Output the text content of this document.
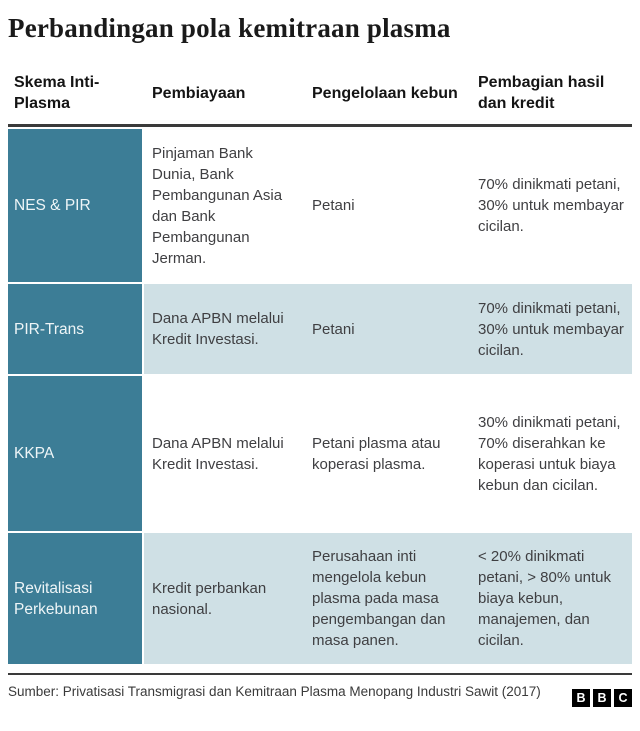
Perbandingan pola kemitraan plasma
Skema Inti-Plasma
Pembiayaan	Pengelolaan kebun
Pembagian hasil dan kredit
NES & PIR
Pinjaman Bank Dunia, Bank Pembangunan Asia dan Bank Pembangunan Jerman.
Petani
70% dinikmati petani, 30% untuk membayar cicilan.
PIR-Trans
Dana APBN melalui Kredit Investasi.
Petani
70% dinikmati petani, 30% untuk membayar cicilan.
KKPA
Dana APBN melalui Kredit Investasi.
Petani plasma atau koperasi plasma.
30% dinikmati petani, 70% diserahkan ke koperasi untuk biaya kebun dan cicilan.
Revitalisasi Perkebunan
Kredit perbankan nasional.
Perusahaan inti mengelola kebun plasma pada masa pengembangan dan masa panen.
< 20% dinikmati petani, > 80% untuk biaya kebun, manajemen, dan cicilan.
Sumber: Privatisasi Transmigrasi dan Kemitraan Plasma Menopang Industri Sawit (2017)	B B C
